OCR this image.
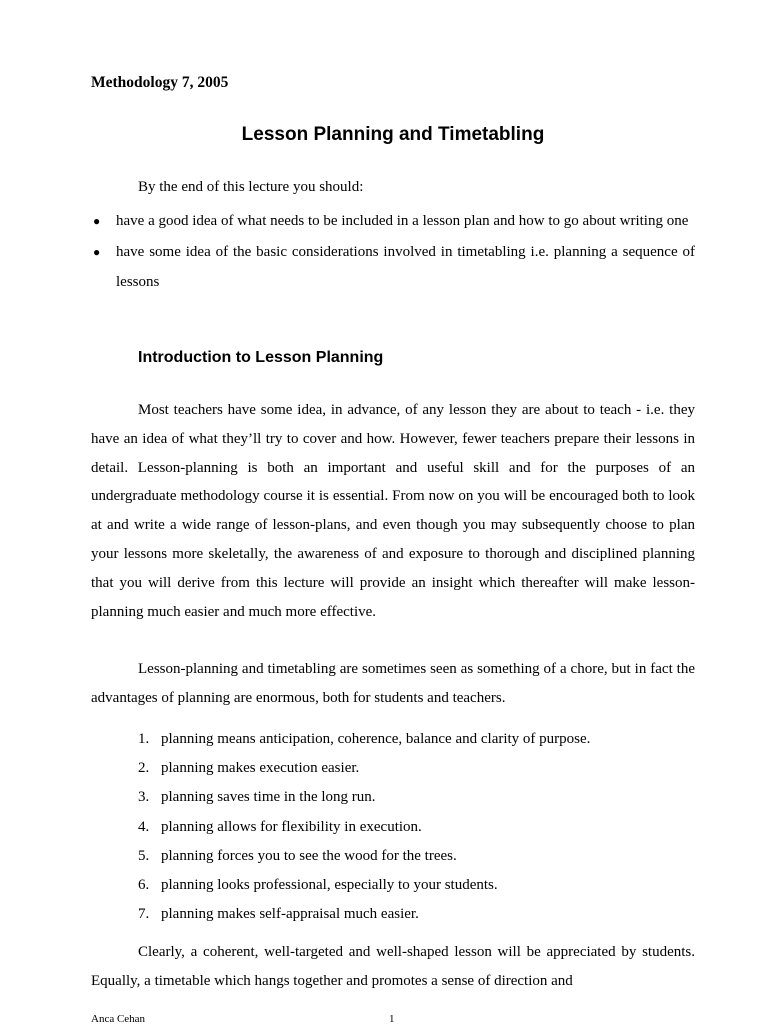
Methodology 7, 2005
Lesson Planning and Timetabling
By the end of this lecture you should:
● have a good idea of what needs to be included in a lesson plan and how to go about writing one
● have some idea of the basic considerations involved in timetabling i.e. planning a sequence of lessons
Introduction to Lesson Planning

Most teachers have some idea, in advance, of any lesson they are about to teach - i.e. they have an idea of what they’ll try to cover and how. However, fewer teachers prepare their lessons in detail. Lesson-planning is both an important and useful skill and for the purposes of an undergraduate methodology course it is essential. From now on you will be encouraged both to look at and write a wide range of lesson-plans, and even though you may subsequently choose to plan your lessons more skeletally, the awareness of and exposure to thorough and disciplined planning that you will derive from this lecture will provide an insight which thereafter will make lesson-planning much easier and much more effective.

Lesson-planning and timetabling are sometimes seen as something of a chore, but in fact the advantages of planning are enormous, both for students and teachers.

1. planning means anticipation, coherence, balance and clarity of purpose.
2. planning makes execution easier.
3. planning saves time in the long run.
4. planning allows for flexibility in execution.
5. planning forces you to see the wood for the trees.
6. planning looks professional, especially to your students.
7. planning makes self-appraisal much easier.

Clearly, a coherent, well-targeted and well-shaped lesson will be appreciated by students. Equally, a timetable which hangs together and promotes a sense of direction and

Anca Cehan	1
